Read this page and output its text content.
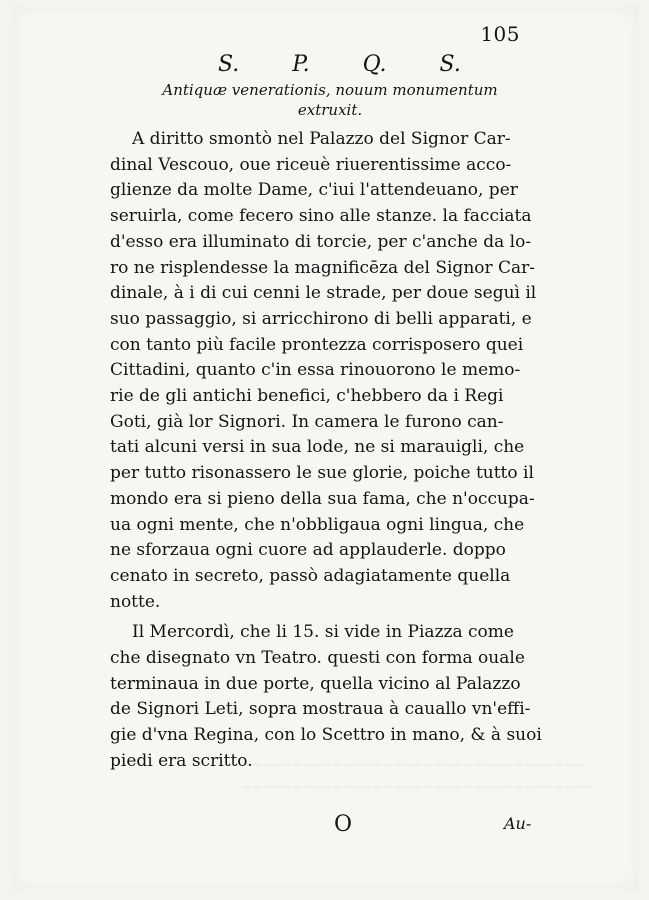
◦ ◦ ◦ ◦ ◦ ◦ ◦ ◦
~~~~~~~~~~~~~~~~~~~~~~~~~~~~~~~~~~~~
~~~~~~~~~~~~~~~~~~~~~~~~~~~~~~~~~~~
105
S. P. Q. S.
Antiquæ venerationis, nouum monumentum
extruxit.
A diritto smontò nel Palazzo del Signor Car-
dinal Vescouo, oue riceuè riuerentissime acco-
glienze da molte Dame, c'iui l'attendeuano, per
seruirla, come fecero sino alle stanze. la facciata
d'esso era illuminato di torcie, per c'anche da lo-
ro ne risplendesse la magnificēza del Signor Car-
dinale, à i di cui cenni le strade, per doue seguì il
suo passaggio, si arricchirono di belli apparati, e
con tanto più facile prontezza corrisposero quei
Cittadini, quanto c'in essa rinouorono le memo-
rie de gli antichi benefici, c'hebbero da i Regi
Goti, già lor Signori. In camera le furono can-
tati alcuni versi in sua lode, ne si marauigli, che
per tutto risonassero le sue glorie, poiche tutto il
mondo era si pieno della sua fama, che n'occupa-
ua ogni mente, che n'obbligaua ogni lingua, che
ne sforzaua ogni cuore ad applauderle. doppo
cenato in secreto, passò adagiatamente quella
notte.
Il Mercordì, che li 15. si vide in Piazza come
che disegnato vn Teatro. questi con forma ouale
terminaua in due porte, quella vicino al Palazzo
de Signori Leti, sopra mostraua à cauallo vn'effi-
gie d'vna Regina, con lo Scettro in mano, & à suoi
piedi era scritto.
O	Au-
